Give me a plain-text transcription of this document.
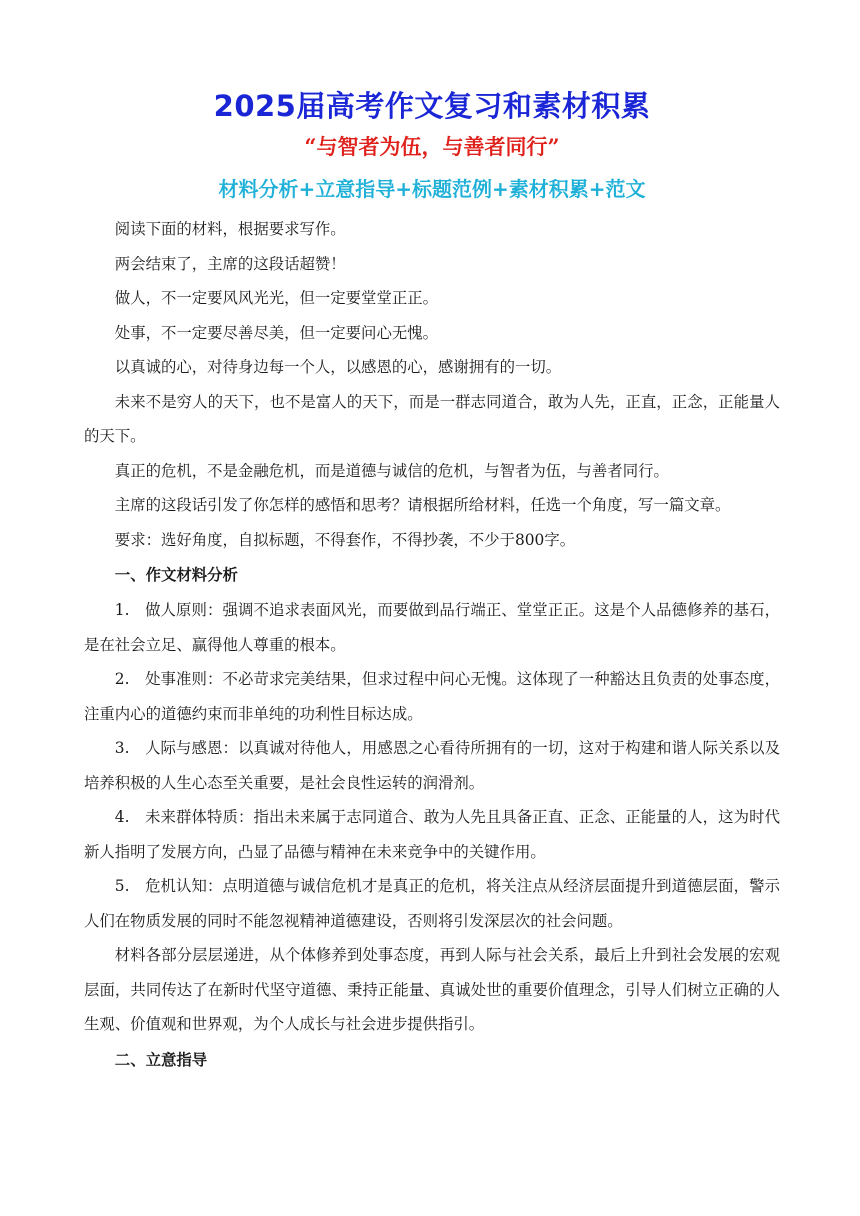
2025届高考作文复习和素材积累
“与智者为伍，与善者同行”
材料分析+立意指导+标题范例+素材积累+范文

阅读下面的材料，根据要求写作。

两会结束了，主席的这段话超赞！

做人，不一定要风风光光，但一定要堂堂正正。

处事，不一定要尽善尽美，但一定要问心无愧。

以真诚的心，对待身边每一个人，以感恩的心，感谢拥有的一切。

未来不是穷人的天下，也不是富人的天下，而是一群志同道合，敢为人先，正直，正念，正能量人的天下。

真正的危机，不是金融危机，而是道德与诚信的危机，与智者为伍，与善者同行。

主席的这段话引发了你怎样的感悟和思考？请根据所给材料，任选一个角度，写一篇文章。

要求：选好角度，自拟标题，不得套作，不得抄袭，不少于800字。

一、作文材料分析

1.　做人原则：强调不追求表面风光，而要做到品行端正、堂堂正正。这是个人品德修养的基石，是在社会立足、赢得他人尊重的根本。

2.　处事准则：不必苛求完美结果，但求过程中问心无愧。这体现了一种豁达且负责的处事态度，注重内心的道德约束而非单纯的功利性目标达成。

3.　人际与感恩：以真诚对待他人，用感恩之心看待所拥有的一切，这对于构建和谐人际关系以及培养积极的人生心态至关重要，是社会良性运转的润滑剂。

4.　未来群体特质：指出未来属于志同道合、敢为人先且具备正直、正念、正能量的人，这为时代新人指明了发展方向，凸显了品德与精神在未来竞争中的关键作用。

5.　危机认知：点明道德与诚信危机才是真正的危机，将关注点从经济层面提升到道德层面，警示人们在物质发展的同时不能忽视精神道德建设，否则将引发深层次的社会问题。

材料各部分层层递进，从个体修养到处事态度，再到人际与社会关系，最后上升到社会发展的宏观层面，共同传达了在新时代坚守道德、秉持正能量、真诚处世的重要价值理念，引导人们树立正确的人生观、价值观和世界观，为个人成长与社会进步提供指引。

二、立意指导
